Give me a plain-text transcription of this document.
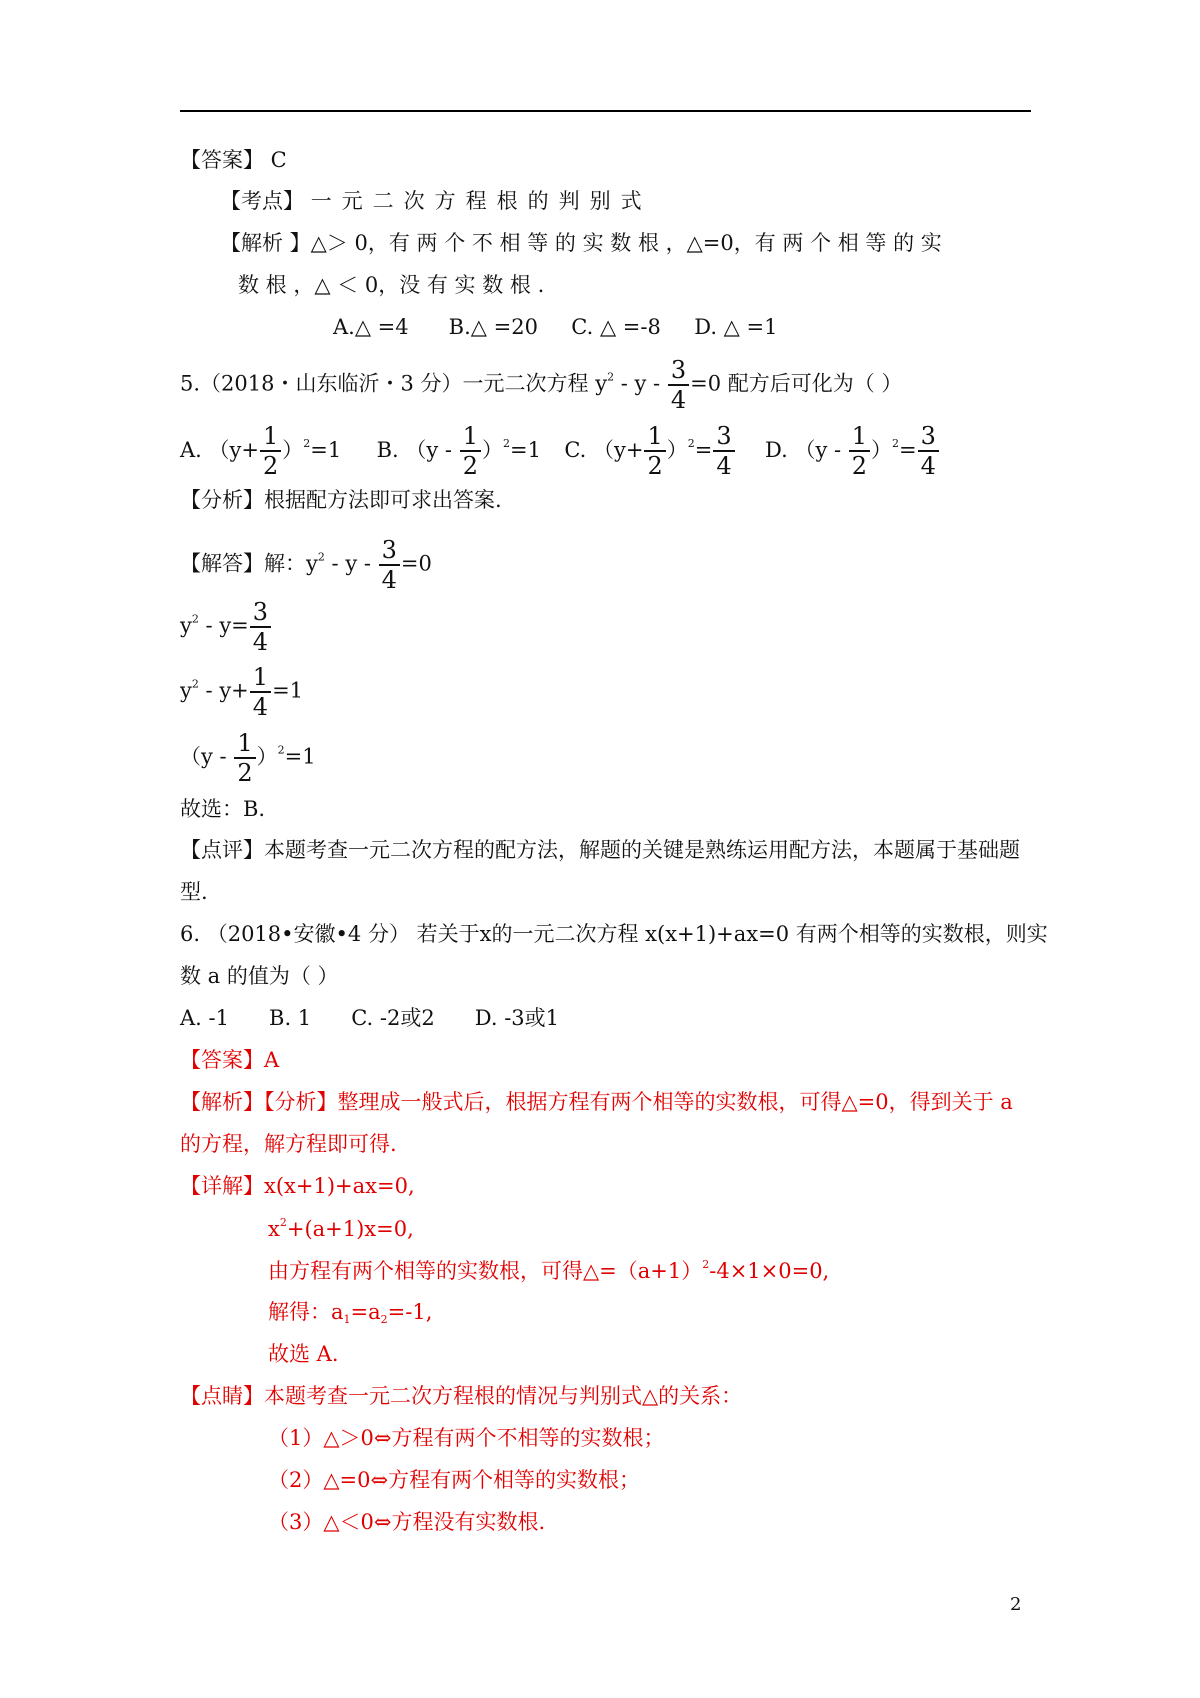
【答案】 C
【考点】 一元二次方程根的判别式
【解析 】△＞ 0，有 两 个 不 相 等 的 实 数 根 ，△=0，有 两 个 相 等 的 实
数 根 ，△ ＜ 0，没 有 实 数 根 .
A.△ =4      B.△ =20     C. △ =-8     D. △ =1
5.（2018・山东临沂・3 分）一元二次方程 $y^2 - y - \frac{3}{4} =0$ 配方后可化为（ ）
A. $(y+ \frac{1}{2} )^2=1$ B. $(y - \frac{1}{2} )^2=1$ C. $(y+ \frac{1}{2} )^2= \frac{3}{4} D$. $(y - \frac{1}{2} )^2= \frac{3}{4}$
【分析】根据配方法即可求出答案.
【解答】解：$y^2 - y - \frac{3}{4} =0$
$y^2 - y= \frac{3}{4}$
$y^2 - y+ \frac{1}{4} =1$
$(y - \frac{1}{2} )^2=1$
故选：B.
【点评】本题考查一元二次方程的配方法，解题的关键是熟练运用配方法，本题属于基础题
型.
6. （2018•安徽•4 分） 若关于x的一元二次方程 x(x+1)+ax=0 有两个相等的实数根，则实
数 a 的值为（ ）
A. -1      B. 1      C. -2或2      D. -3或1
【答案】A
【解析】【分析】整理成一般式后，根据方程有两个相等的实数根，可得△=0，得到关于 a
的方程，解方程即可得.
【详解】x(x+1)+ax=0,
$x^2+(a+1)x=0$,
由方程有两个相等的实数根，可得$\triangle=(a+1)^2-4\times 1\times 0=0$,
解得：$a_1=a_2=-1$,
故选 A.
【点睛】本题考查一元二次方程根的情况与判别式△的关系：
（1）△＞0⇔方程有两个不相等的实数根；
（2）△=0⇔方程有两个相等的实数根；
（3）△＜0⇔方程没有实数根.
2
